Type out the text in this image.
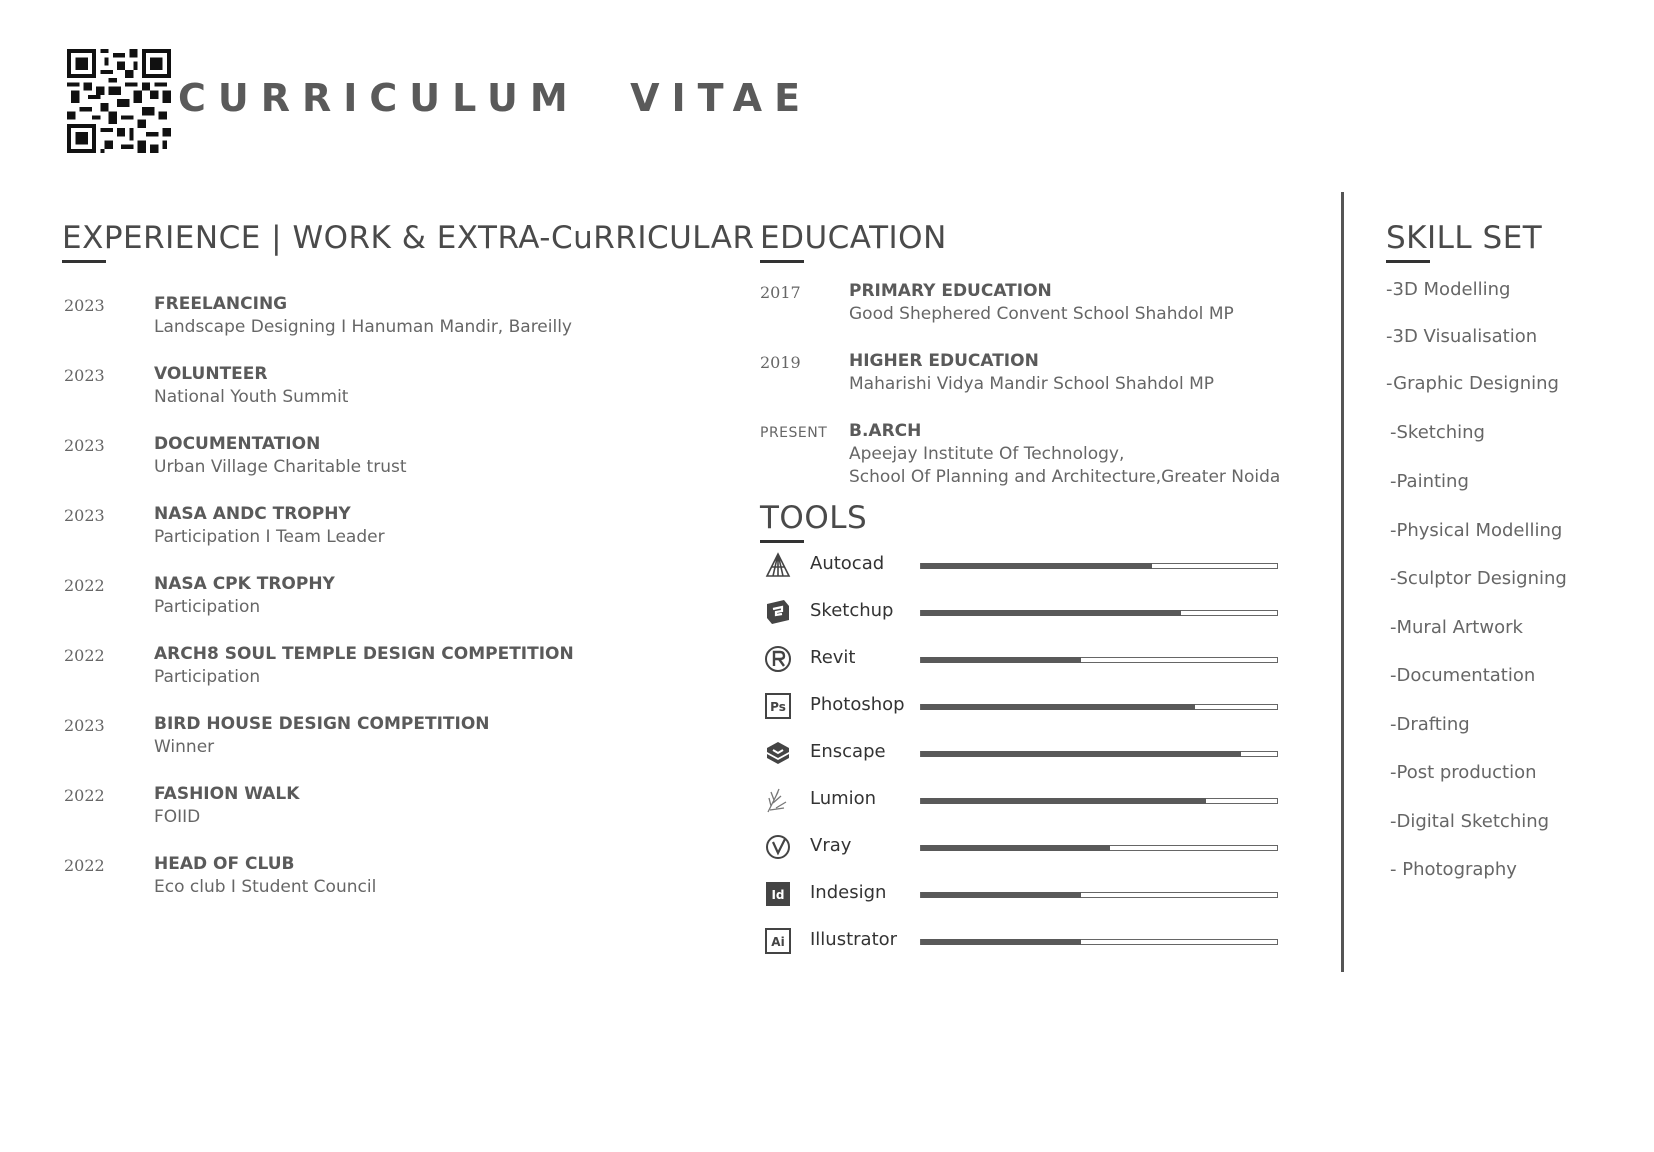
CURRICULUM  VITAE
EXPERIENCE | WORK & EXTRA-CuRRICULAR
2023	FREELANCING
Landscape Designing I Hanuman Mandir, Bareilly
2023	VOLUNTEER
National Youth Summit
2023	DOCUMENTATION
Urban Village Charitable trust
2023	NASA ANDC TROPHY
Participation I Team Leader
2022	NASA CPK TROPHY
Participation
2022	ARCH8 SOUL TEMPLE DESIGN COMPETITION
Participation
2023	BIRD HOUSE DESIGN COMPETITION
Winner
2022	FASHION WALK
FOIID
2022	HEAD OF CLUB
Eco club I Student Council
EDUCATION
2017	PRIMARY EDUCATION
Good Shephered Convent School Shahdol MP
2019	HIGHER EDUCATION
Maharishi Vidya Mandir School Shahdol MP
PRESENT B.ARCH
Apeejay Institute Of Technology,
School Of Planning and Architecture,Greater Noida
TOOLS
Autocad
Sketchup
Revit
Ps Photoshop
Enscape
Lumion
Vray
Id Indesign
Ai Illustrator
SKILL SET
-3D Modelling
-3D Visualisation
-Graphic Designing
-Sketching
-Painting
-Physical Modelling
-Sculptor Designing
-Mural Artwork
-Documentation
-Drafting
-Post production
-Digital Sketching
- Photography
